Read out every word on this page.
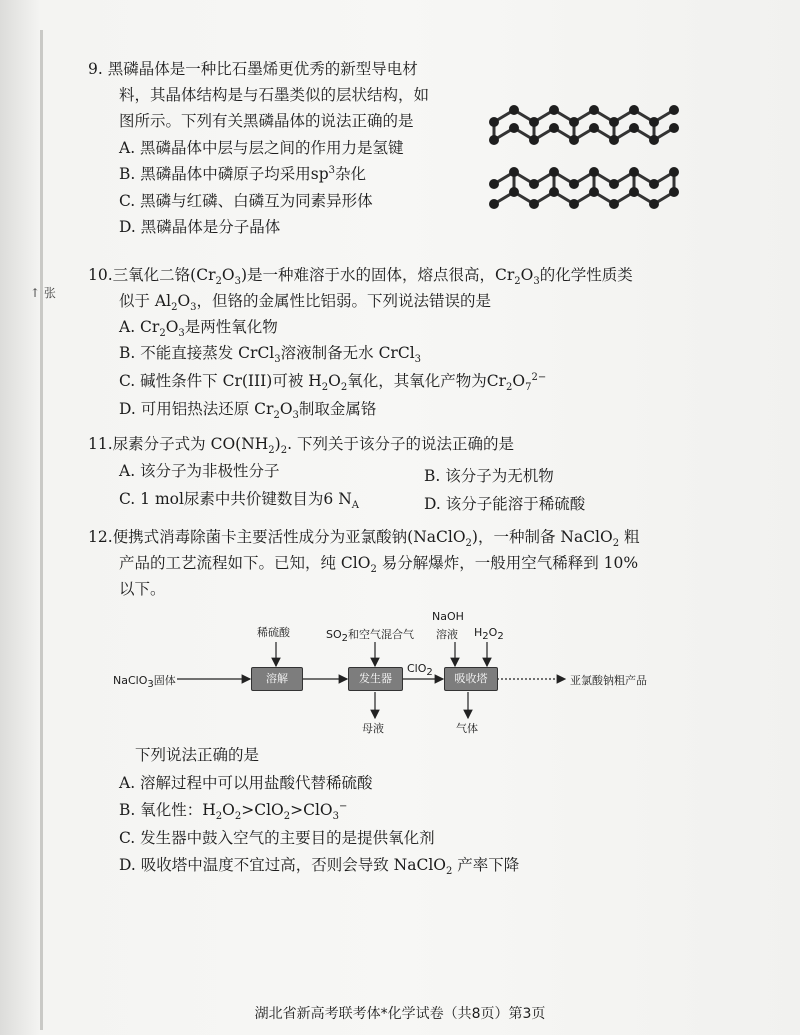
↑ 张
9. 黑磷晶体是一种比石墨烯更优秀的新型导电材
料，其晶体结构是与石墨类似的层状结构，如
图所示。下列有关黑磷晶体的说法正确的是
A. 黑磷晶体中层与层之间的作用力是氢键
B. 黑磷晶体中磷原子均采用$sp^3$杂化
C. 黑磷与红磷、白磷互为同素异形体
D. 黑磷晶体是分子晶体
10.三氧化二铬$(Cr_2O_3)$是一种难溶于水的固体，熔点很高，$Cr_2O_3$的化学性质类
似于 $Al_2O_3$，但铬的金属性比铝弱。下列说法错误的是
A. $Cr_2O_3$是两性氧化物
B. 不能直接蒸发 CrCl$_3$溶液制备无水 CrCl$_3$
C. 碱性条件下 Cr(III)可被 $H_2O_2$氧化，其氧化产物为$Cr_2O_7^{2-}$
D. 可用铝热法还原 $Cr_2O_3$制取金属铬
11.尿素分子式为 $CO(NH_2)_2$. 下列关于该分子的说法正确的是
A. 该分子为非极性分子	B. 该分子为无机物
C. 1 mol尿素中共价键数目为6 $N_A$	D. 该分子能溶于稀硫酸
12.便携式消毒除菌卡主要活性成分为亚氯酸钠(NaClO$_2$)，一种制备 NaClO$_2$ 粗
产品的工艺流程如下。已知，纯 ClO$_2$ 易分解爆炸，一般用空气稀释到 10%
以下。
NaClO$_3$固体
稀硫酸	$SO_2$和空气混合气
NaOH
溶液 $H_2O_2$
溶解	发生器	吸收塔
ClO$_2$
母液	气体
亚氯酸钠粗产品
下列说法正确的是
A. 溶解过程中可以用盐酸代替稀硫酸
B. 氧化性：$H_2O_2>ClO_2>ClO_3^-$
C. 发生器中鼓入空气的主要目的是提供氧化剂
D. 吸收塔中温度不宜过高，否则会导致 NaClO$_2$ 产率下降
湖北省新高考联考体*化学试卷（共8页）第3页
